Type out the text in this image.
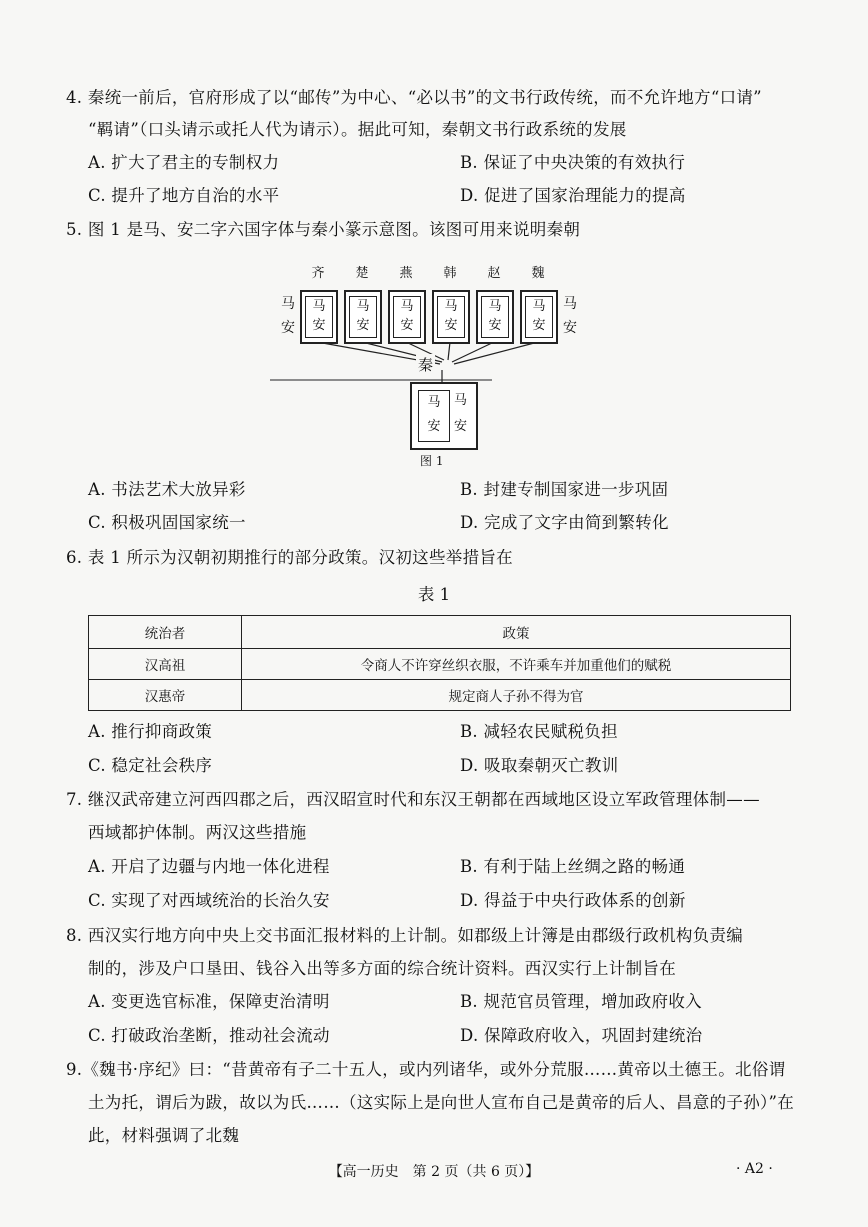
4. 秦统一前后，官府形成了以“邮传”为中心、“必以书”的文书行政传统，而不允许地方“口请”
“羁请”（口头请示或托人代为请示）。据此可知，秦朝文书行政系统的发展
A. 扩大了君主的专制权力	B. 保证了中央决策的有效执行
C. 提升了地方自治的水平	D. 促进了国家治理能力的提高
5. 图 1 是马、安二字六国字体与秦小篆示意图。该图可用来说明秦朝
齐	楚	燕	韩	赵	魏
马
安
马
安
马
安
马
安
马
安
马
安
马
安
马
安
秦
马
安
马安
图 1
A. 书法艺术大放异彩	B. 封建专制国家进一步巩固
C. 积极巩固国家统一	D. 完成了文字由简到繁转化
6. 表 1 所示为汉朝初期推行的部分政策。汉初这些举措旨在
表 1
统治者	政策
汉高祖	令商人不许穿丝织衣服，不许乘车并加重他们的赋税
汉惠帝	规定商人子孙不得为官
A. 推行抑商政策	B. 减轻农民赋税负担
C. 稳定社会秩序	D. 吸取秦朝灭亡教训
7. 继汉武帝建立河西四郡之后，西汉昭宣时代和东汉王朝都在西域地区设立军政管理体制——
西域都护体制。两汉这些措施
A. 开启了边疆与内地一体化进程	B. 有利于陆上丝绸之路的畅通
C. 实现了对西域统治的长治久安	D. 得益于中央行政体系的创新
8. 西汉实行地方向中央上交书面汇报材料的上计制。如郡级上计簿是由郡级行政机构负责编
制的，涉及户口垦田、钱谷入出等多方面的综合统计资料。西汉实行上计制旨在
A. 变更选官标准，保障吏治清明	B. 规范官员管理，增加政府收入
C. 打破政治垄断，推动社会流动	D. 保障政府收入，巩固封建统治
9.《魏书·序纪》曰：“昔黄帝有子二十五人，或内列诸华，或外分荒服……黄帝以土德王。北俗谓
土为托，谓后为跋，故以为氏……（这实际上是向世人宣布自己是黄帝的后人、昌意的子孙）”在
此，材料强调了北魏
【高一历史　第 2 页（共 6 页）】	· A2 ·
